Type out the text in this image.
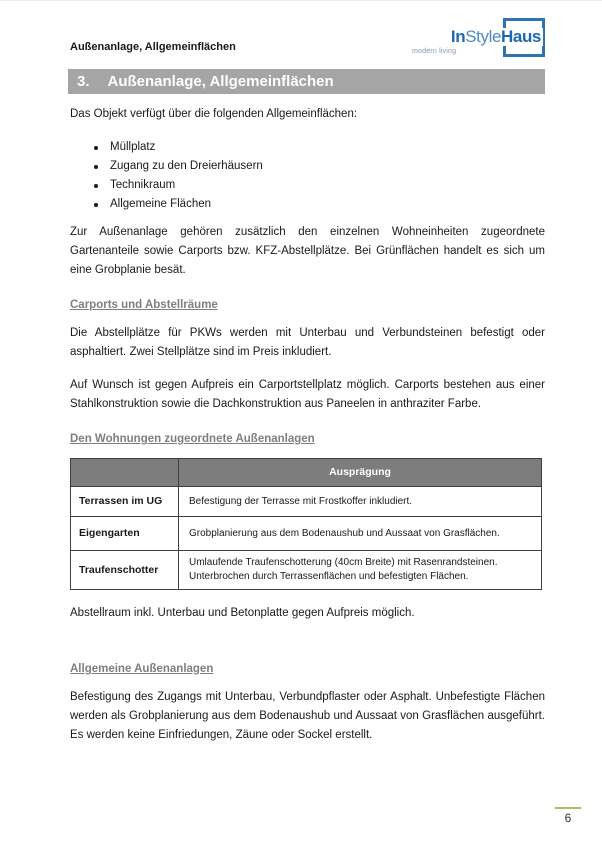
Außenanlage, Allgemeinflächen
InStyleHaus
modern living
3.	Außenanlage, Allgemeinflächen

Das Objekt verfügt über die folgenden Allgemeinflächen:

Müllplatz
Zugang zu den Dreierhäusern
Technikraum
Allgemeine Flächen

Zur Außenanlage gehören zusätzlich den einzelnen Wohneinheiten zugeordnete Gartenanteile sowie Carports bzw. KFZ-Abstellplätze. Bei Grünflächen handelt es sich um eine Grobplanie besät.

Carports und Abstellräume

Die Abstellplätze für PKWs werden mit Unterbau und Verbundsteinen befestigt oder asphaltiert. Zwei Stellplätze sind im Preis inkludiert.

Auf Wunsch ist gegen Aufpreis ein Carportstellplatz möglich. Carports bestehen aus einer Stahlkonstruktion sowie die Dachkonstruktion aus Paneelen in anthraziter Farbe.

Den Wohnungen zugeordnete Außenanlagen
	Ausprägung
Terrassen im UG	Befestigung der Terrasse mit Frostkoffer inkludiert.
Eigengarten	Grobplanierung aus dem Bodenaushub und Aussaat von Grasflächen.
Traufenschotter	Umlaufende Traufenschotterung (40cm Breite) mit Rasenrandsteinen. Unterbrochen durch Terrassenflächen und befestigten Flächen.

Abstellraum inkl. Unterbau und Betonplatte gegen Aufpreis möglich.

Allgemeine Außenanlagen

Befestigung des Zugangs mit Unterbau, Verbundpflaster oder Asphalt. Unbefestigte Flächen werden als Grobplanierung aus dem Bodenaushub und Aussaat von Grasflächen ausgeführt. Es werden keine Einfriedungen, Zäune oder Sockel erstellt.

6
